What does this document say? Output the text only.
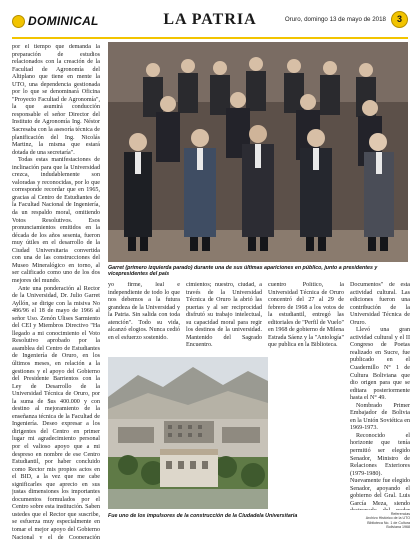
DOMINICAL	LA PATRIA	Oruro, domingo 13 de mayo de 2018	3

por el tiempo que demanda la preparación de estudios relacionados con la creación de la Facultad de Agronomía del Altiplano que tiene en mente la UTO, una dependencia gestionada por lo que se denominará Oficina "Proyecto Facultad de Agronomía", la que asumirá conducción responsable el señor Director del Instituto de Agronomía Ing. Néstor Sacresaba con la asesoría técnica de planificación del Ing. Nicolás Martinz, la misma que estará dotada de una secretaría".

Todas estas manifestaciones de inclinación para que la Universidad crezca, indudablemente son valoradas y reconocidas, por lo que corresponde recordar que en 1965, gracias al Centro de Estudiantes de la Facultad Nacional de Ingeniería, da un respaldo moral, omitiendo Votos Resolutivos. Esos pronunciamientos emitidos en la década de los años sesenta, fueron muy útiles en el desarrollo de la Ciudad Universitaria convertida con una de las construcciones del Museo Mineralógico en torno, al ser calificado como uno de los dos mejores del mundo.

Ante una ponderación al Rector de la Universidad, Dr. Julio Garret Ayllón, se dirige con la misiva No 486/96 el 18 de mayo de 1966 al señor Uso. Zenón Ulises Sarmiento del CEI y Miembros Directivo "Ha llegado a mi conocimiento el Voto Resolutivo aprobado por la asamblea del Centro de Estudiantes de Ingeniería de Oruro, en los últimos meses, en relación a la gestiones y el apoyo del Gobierno del Presidente Barrientos con la Ley de Desarrollo de la Universidad Técnica de Oruro, por la suma de $us 400.000 y con destino al mejoramiento de la enseñanza técnica de la Facultad de Ingeniería. Deseo expresar a los dirigentes del Centro en primer lugar mi agradecimiento personal por el valioso apoyo que a mi despreso en nombre de ese Centro Estudiantil, por haber concluido como Rector mis propios actos en el BID, a la vez que me cabe significarles que aprecio en sus justas dimensiones los importantes documentos formulados por el Centro sobre esta institución. Saben ustedes que el Rector que suscribe, se esfuerza muy especialmente en tomar el mejor apoyo del Gobierno Nacional y el de Cooperación

Garret (primero izquierda parado) durante una de sus últimas apariciones en público, junto a presidentes y vicepresidentes del país

yo firme, leal e independiente de todo lo que nos debemos a la futura grandeza de la Universidad y la Patria. Sin salida con toda atención". Todo su vida, alcanzó elogios. Nunca cedió en el esfuerzo sostenido.

cimientos; nuestro, ciudad, a través de la Universidad Técnica de Oruro la abrió las puertas y al ser reciprocidad disfrutó su trabajo intelectual, su capacidad moral para regir los destinos de la universidad. Mantenido del Sagrado Encuentro.

cuentro Político, la Universidad Técnica de Oruro concentró del 27 al 29 de febrero de 1968 a los votos de la estudiantil, entregó las editoriales de "Perfil de Vuelo" en 1968 de gobierno de Milena Estrada Sáenz y la "Antología" que publica en la Biblioteca.

Documentos" de esta actividad cultural. Las ediciones fueron una contribución de la Universidad Técnica de Oruro.

Llevó una gran actividad cultural y el II Congreso de Poetas realizado en Sucre, fue publicado en el Cuadernillo N° 1 de Cultura Boliviana que dio origen para que se editara posteriormente hasta el N° 49.

Nombrado Primer Embajador de Bolivia en la Unión Soviética en 1969-1973.

Reconocido el horizonte que tenía permitió ser elegido Senador, Ministro de Relaciones Exteriores (1979-1980). Nuevamente fue elegido Senador, apoyando el gobierno del Gral. Luis García Meza, siendo

Fue uno de los impulsores de la construcción de la Ciudadela Universitaria	Referencias
Archivo Histórico de la UTO
Biblioteca No. 1 de Cultura Boliviana 1968
